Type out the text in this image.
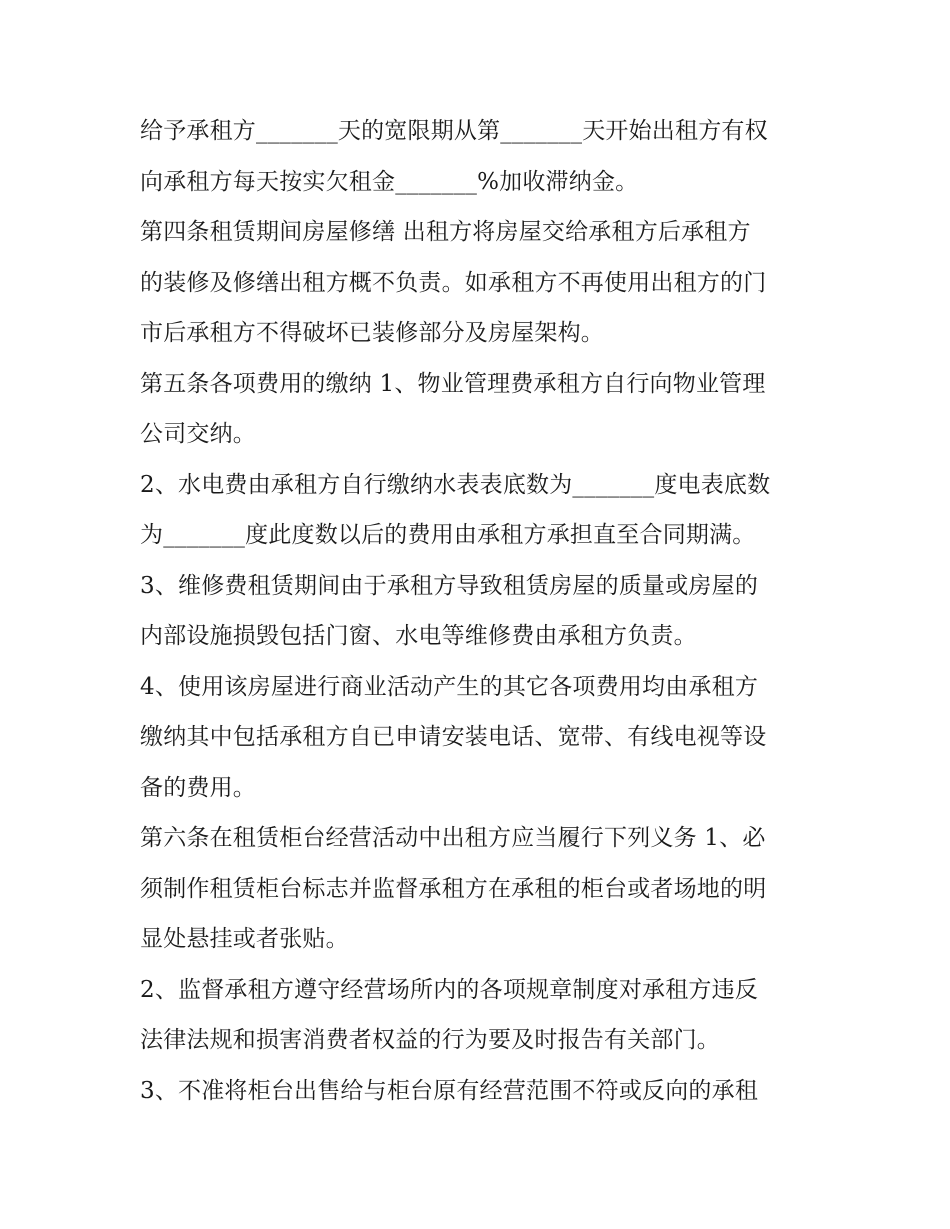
给予承租方_______天的宽限期从第_______天开始出租方有权
向承租方每天按实欠租金_______%加收滞纳金。
第四条租赁期间房屋修缮 出租方将房屋交给承租方后承租方
的装修及修缮出租方概不负责。如承租方不再使用出租方的门
市后承租方不得破坏已装修部分及房屋架构。
第五条各项费用的缴纳 1、物业管理费承租方自行向物业管理
公司交纳。
2、水电费由承租方自行缴纳水表表底数为_______度电表底数
为_______度此度数以后的费用由承租方承担直至合同期满。
3、维修费租赁期间由于承租方导致租赁房屋的质量或房屋的
内部设施损毁包括门窗、水电等维修费由承租方负责。
4、使用该房屋进行商业活动产生的其它各项费用均由承租方
缴纳其中包括承租方自已申请安装电话、宽带、有线电视等设
备的费用。
第六条在租赁柜台经营活动中出租方应当履行下列义务 1、必
须制作租赁柜台标志并监督承租方在承租的柜台或者场地的明
显处悬挂或者张贴。
2、监督承租方遵守经营场所内的各项规章制度对承租方违反
法律法规和损害消费者权益的行为要及时报告有关部门。
3、不准将柜台出售给与柜台原有经营范围不符或反向的承租
